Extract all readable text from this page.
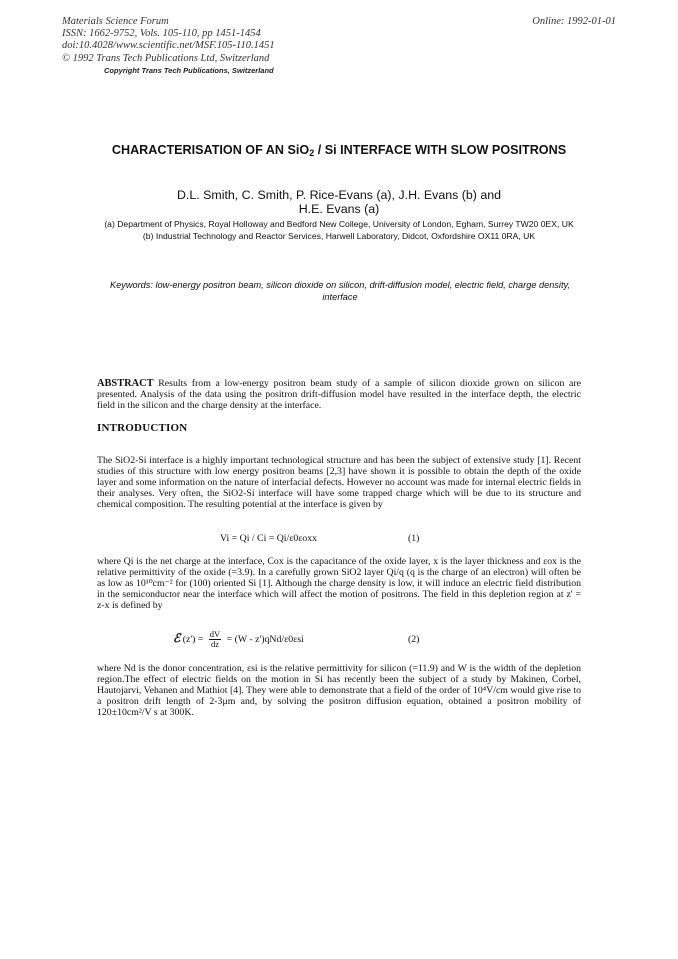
Materials Science Forum
ISSN: 1662-9752, Vols. 105-110, pp 1451-1454
doi:10.4028/www.scientific.net/MSF.105-110.1451
© 1992 Trans Tech Publications Ltd, Switzerland
Copyright Trans Tech Publications, Switzerland
Online: 1992-01-01
CHARACTERISATION OF AN SiO$_2$ / Si INTERFACE WITH SLOW POSITRONS
D.L. Smith, C. Smith, P. Rice-Evans (a), J.H. Evans (b) and
H.E. Evans (a)
(a) Department of Physics, Royal Holloway and Bedford New College, University of London, Egham, Surrey TW20 0EX, UK
(b) Industrial Technology and Reactor Services, Harwell Laboratory, Didcot, Oxfordshire OX11 0RA, UK
Keywords: low-energy positron beam, silicon dioxide on silicon, drift-diffusion model, electric field, charge density, interface
ABSTRACT Results from a low-energy positron beam study of a sample of silicon dioxide grown on silicon are presented. Analysis of the data using the positron drift-diffusion model have resulted in the interface depth, the electric field in the silicon and the charge density at the interface.
INTRODUCTION
The SiO2-Si interface is a highly important technological structure and has been the subject of extensive study [1]. Recent studies of this structure with low energy positron beams [2,3] have shown it is possible to obtain the depth of the oxide layer and some information on the nature of interfacial defects. However no account was made for internal electric fields in their analyses. Very often, the SiO2-Si interface will have some trapped charge which will be due to its structure and chemical composition. The resulting potential at the interface is given by
Vi = Qi / Ci = Qi/ε0εoxx	(1)
where Qi is the net charge at the interface, Cox is the capacitance of the oxide layer, x is the layer thickness and εox is the relative permittivity of the oxide (=3.9). In a carefully grown SiO2 layer Qi/q (q is the charge of an electron) will often be as low as 10¹⁰cm⁻² for (100) oriented Si [1]. Although the charge density is low, it will induce an electric field distribution in the semiconductor near the interface which will affect the motion of positrons. The field in this depletion region at z' = z-x is defined by
ℰ $(z') = \frac{dV}{dz} = (W - z')qNd/\varepsilon 0\varepsilon si$	(2)
where Nd is the donor concentration, εsi is the relative permittivity for silicon (=11.9) and W is the width of the depletion region.The effect of electric fields on the motion in Si has recently been the subject of a study by Makinen, Corbel, Hautojarvi, Vehanen and Mathiot [4]. They were able to demonstrate that a field of the order of 10⁴V/cm would give rise to a positron drift length of 2-3μm and, by solving the positron diffusion equation, obtained a positron mobility of 120±10cm²/V s at 300K.
